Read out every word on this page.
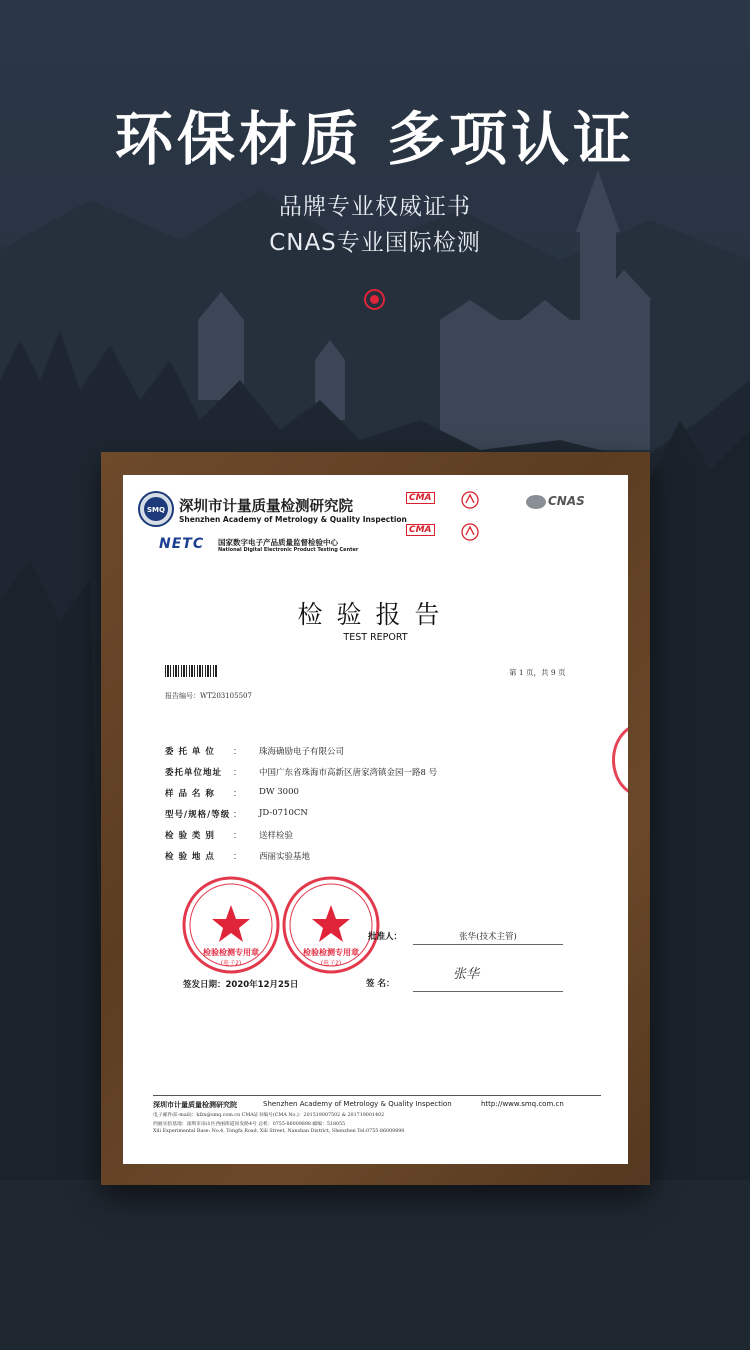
环保材质 多项认证
品牌专业权威证书
CNAS专业国际检测
SMQ 深圳市计量质量检测研究院
Shenzhen Academy of Metrology & Quality Inspection
NETC 国家数字电子产品质量监督检验中心
National Digital Electronic Product Testing Center
CMA
CMA
CNAS
检验报告
TEST REPORT
第 1 页，共 9 页
报告编号：WT203105507
委 托 单 位 ： 珠海确励电子有限公司
委托单位地址 ： 中国广东省珠海市高新区唐家湾镇金园一路8 号
样 品 名 称 ： DW 3000
型号/规格/等级 ： JD-0710CN
检 验 类 别 ： 送样检验
检 验 地 点 ： 西丽实验基地
检验检测专用章
(电子2)
检验检测专用章
(电子2)
批准人：	张华(技术主管)
签 名：
张华
签发日期：2020年12月25日
深圳市计量质量检测研究院	Shenzhen Academy of Metrology & Quality Inspection	http://www.smq.com.cn
电子邮件(E-mail)：kfzx@smq.com.cn CMA证书编号(CMA No.)：201519007502 & 201719001402
西丽实验基地：深圳市南山区西丽街道同发路4号 总机：0755-86009898 邮编：518055
Xili Experimental Base: No.4, Tongfa Road, Xili Street, Nanshan District, Shenzhen Tel:0755-86009898
